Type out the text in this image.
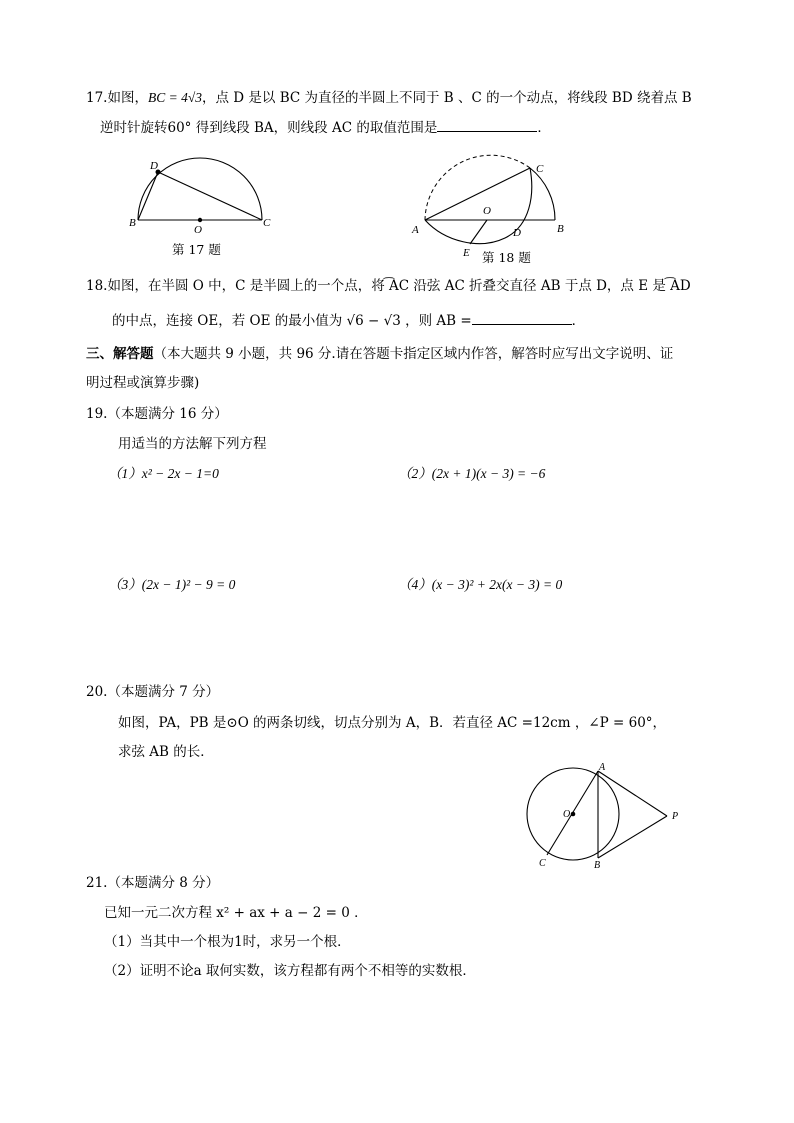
17.如图，BC = 4√3，点 D 是以 BC 为直径的半圆上不同于 B 、C 的一个动点，将线段 BD 绕着点 B
逆时针旋转60° 得到线段 BA，则线段 AC 的取值范围是	．
D
B
O
C
第 17 题
A
O
C
D	B
E 第 18 题
18.如图，在半圆 O 中，C 是半圆上的一个点，将 ͡AC 沿弦 AC 折叠交直径 AB 于点 D，点 E 是 ͡AD
的中点，连接 OE，若 OE 的最小值为 √6 − √3 ，则 AB =	．
三、解答题（本大题共 9 小题，共 96 分.请在答题卡指定区域内作答，解答时应写出文字说明、证
明过程或演算步骤)
19.（本题满分 16 分）
用适当的方法解下列方程
（1）x² − 2x − 1=0	（2）(2x + 1)(x − 3) = −6
（3）(2x − 1)² − 9 = 0	（4）(x − 3)² + 2x(x − 3) = 0
20.（本题满分 7 分）
如图，PA，PB 是⊙O 的两条切线，切点分别为 A，B．若直径 AC =12cm ，∠P = 60°，
求弦 AB 的长．
A
O	P
C	B
21.（本题满分 8 分）
已知一元二次方程 x² + ax + a − 2 = 0 ．
（1）当其中一个根为1时，求另一个根．
（2）证明不论a 取何实数，该方程都有两个不相等的实数根．
